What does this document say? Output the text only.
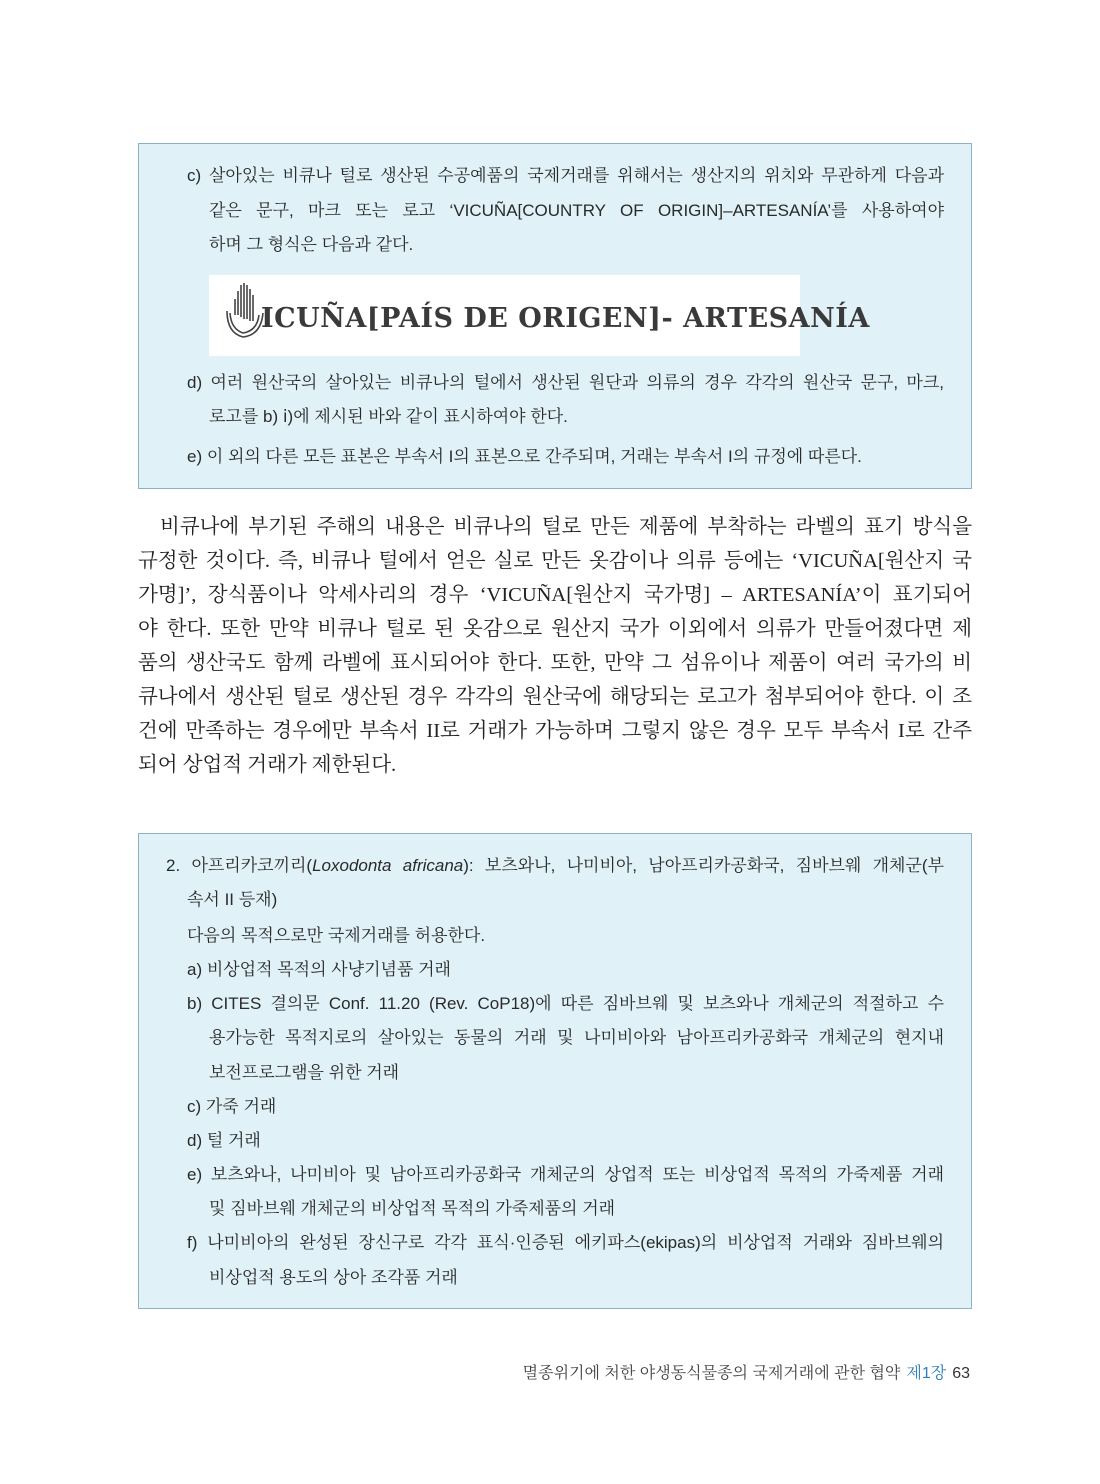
c) 살아있는 비큐나 털로 생산된 수공예품의 국제거래를 위해서는 생산지의 위치와 무관하게 다음과
같은 문구, 마크 또는 로고 ‘VICUÑA[COUNTRY OF ORIGIN]–ARTESANÍA’를 사용하여야
하며 그 형식은 다음과 같다.
ICUÑA[PAÍS DE ORIGEN]- ARTESANÍA
d) 여러 원산국의 살아있는 비큐나의 털에서 생산된 원단과 의류의 경우 각각의 원산국 문구, 마크,
로고를 b) ⅰ)에 제시된 바와 같이 표시하여야 한다.
e) 이 외의 다른 모든 표본은 부속서 I의 표본으로 간주되며, 거래는 부속서 I의 규정에 따른다.
비큐나에 부기된 주해의 내용은 비큐나의 털로 만든 제품에 부착하는 라벨의 표기 방식을
규정한 것이다. 즉, 비큐나 털에서 얻은 실로 만든 옷감이나 의류 등에는 ‘VICUÑA[원산지 국
가명]’, 장식품이나 악세사리의 경우 ‘VICUÑA[원산지 국가명] – ARTESANÍA’이 표기되어
야 한다. 또한 만약 비큐나 털로 된 옷감으로 원산지 국가 이외에서 의류가 만들어졌다면 제
품의 생산국도 함께 라벨에 표시되어야 한다. 또한, 만약 그 섬유이나 제품이 여러 국가의 비
큐나에서 생산된 털로 생산된 경우 각각의 원산국에 해당되는 로고가 첨부되어야 한다. 이 조
건에 만족하는 경우에만 부속서 II로 거래가 가능하며 그렇지 않은 경우 모두 부속서 I로 간주
되어 상업적 거래가 제한된다.
2. 아프리카코끼리(Loxodonta africana): 보츠와나, 나미비아, 남아프리카공화국, 짐바브웨 개체군(부
속서 II 등재)
다음의 목적으로만 국제거래를 허용한다.
a) 비상업적 목적의 사냥기념품 거래
b) CITES 결의문 Conf. 11.20 (Rev. CoP18)에 따른 짐바브웨 및 보츠와나 개체군의 적절하고 수
용가능한 목적지로의 살아있는 동물의 거래 및 나미비아와 남아프리카공화국 개체군의 현지내
보전프로그램을 위한 거래
c) 가죽 거래
d) 털 거래
e) 보츠와나, 나미비아 및 남아프리카공화국 개체군의 상업적 또는 비상업적 목적의 가죽제품 거래
및 짐바브웨 개체군의 비상업적 목적의 가죽제품의 거래
f) 나미비아의 완성된 장신구로 각각 표식·인증된 에키파스(ekipas)의 비상업적 거래와 짐바브웨의
비상업적 용도의 상아 조각품 거래
멸종위기에 처한 야생동식물종의 국제거래에 관한 협약 제1장 63
